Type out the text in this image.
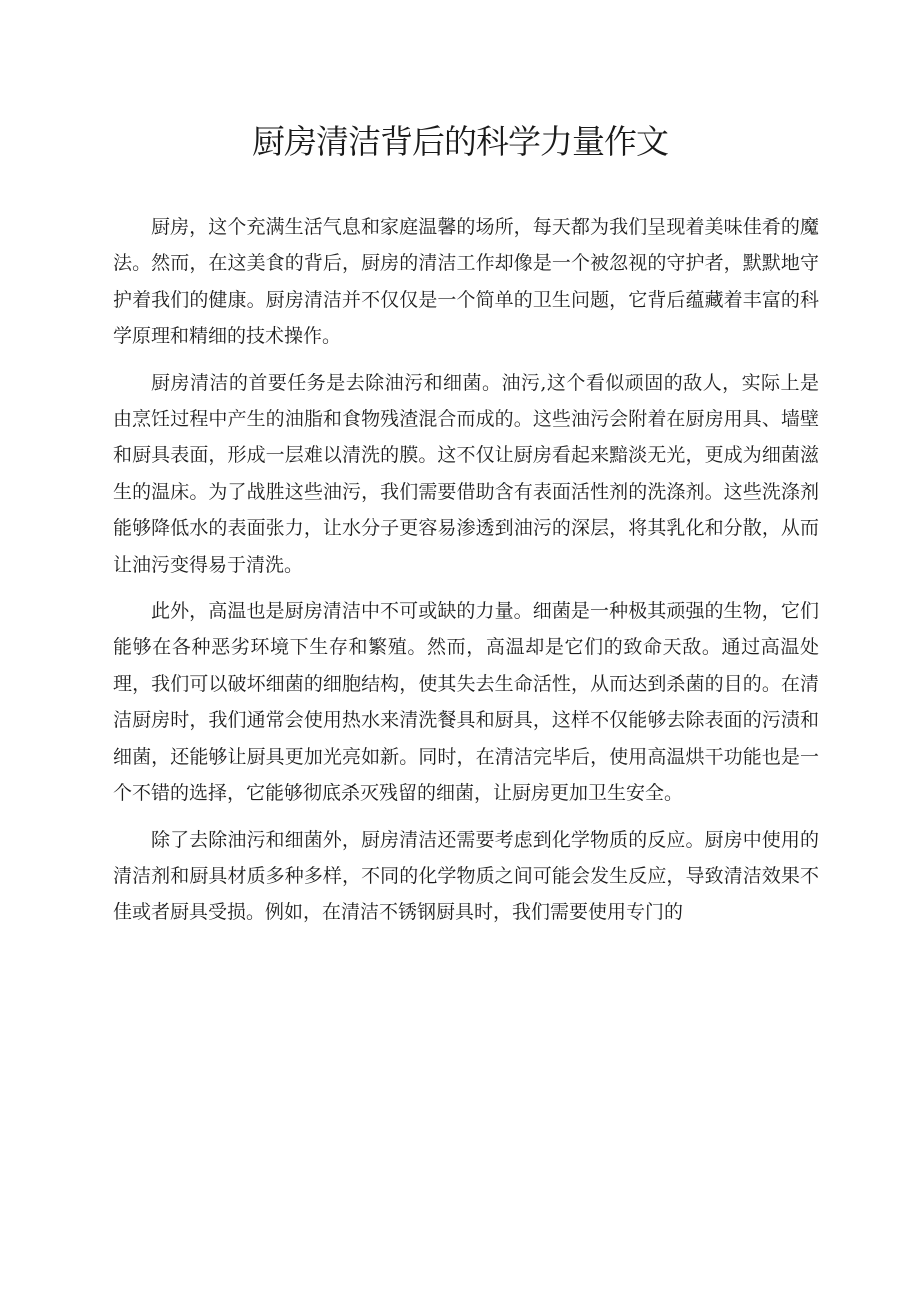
厨房清洁背后的科学力量作文

厨房，这个充满生活气息和家庭温馨的场所，每天都为我们呈现着美味佳肴的魔法。然而，在这美食的背后，厨房的清洁工作却像是一个被忽视的守护者，默默地守护着我们的健康。厨房清洁并不仅仅是一个简单的卫生问题，它背后蕴藏着丰富的科学原理和精细的技术操作。

厨房清洁的首要任务是去除油污和细菌。油污,这个看似顽固的敌人，实际上是由烹饪过程中产生的油脂和食物残渣混合而成的。这些油污会附着在厨房用具、墙壁和厨具表面，形成一层难以清洗的膜。这不仅让厨房看起来黯淡无光，更成为细菌滋生的温床。为了战胜这些油污，我们需要借助含有表面活性剂的洗涤剂。这些洗涤剂能够降低水的表面张力，让水分子更容易渗透到油污的深层，将其乳化和分散，从而让油污变得易于清洗。

此外，高温也是厨房清洁中不可或缺的力量。细菌是一种极其顽强的生物，它们能够在各种恶劣环境下生存和繁殖。然而，高温却是它们的致命天敌。通过高温处理，我们可以破坏细菌的细胞结构，使其失去生命活性，从而达到杀菌的目的。在清洁厨房时，我们通常会使用热水来清洗餐具和厨具，这样不仅能够去除表面的污渍和细菌，还能够让厨具更加光亮如新。同时，在清洁完毕后，使用高温烘干功能也是一个不错的选择，它能够彻底杀灭残留的细菌，让厨房更加卫生安全。

除了去除油污和细菌外，厨房清洁还需要考虑到化学物质的反应。厨房中使用的清洁剂和厨具材质多种多样，不同的化学物质之间可能会发生反应，导致清洁效果不佳或者厨具受损。例如，在清洁不锈钢厨具时，我们需要使用专门的
